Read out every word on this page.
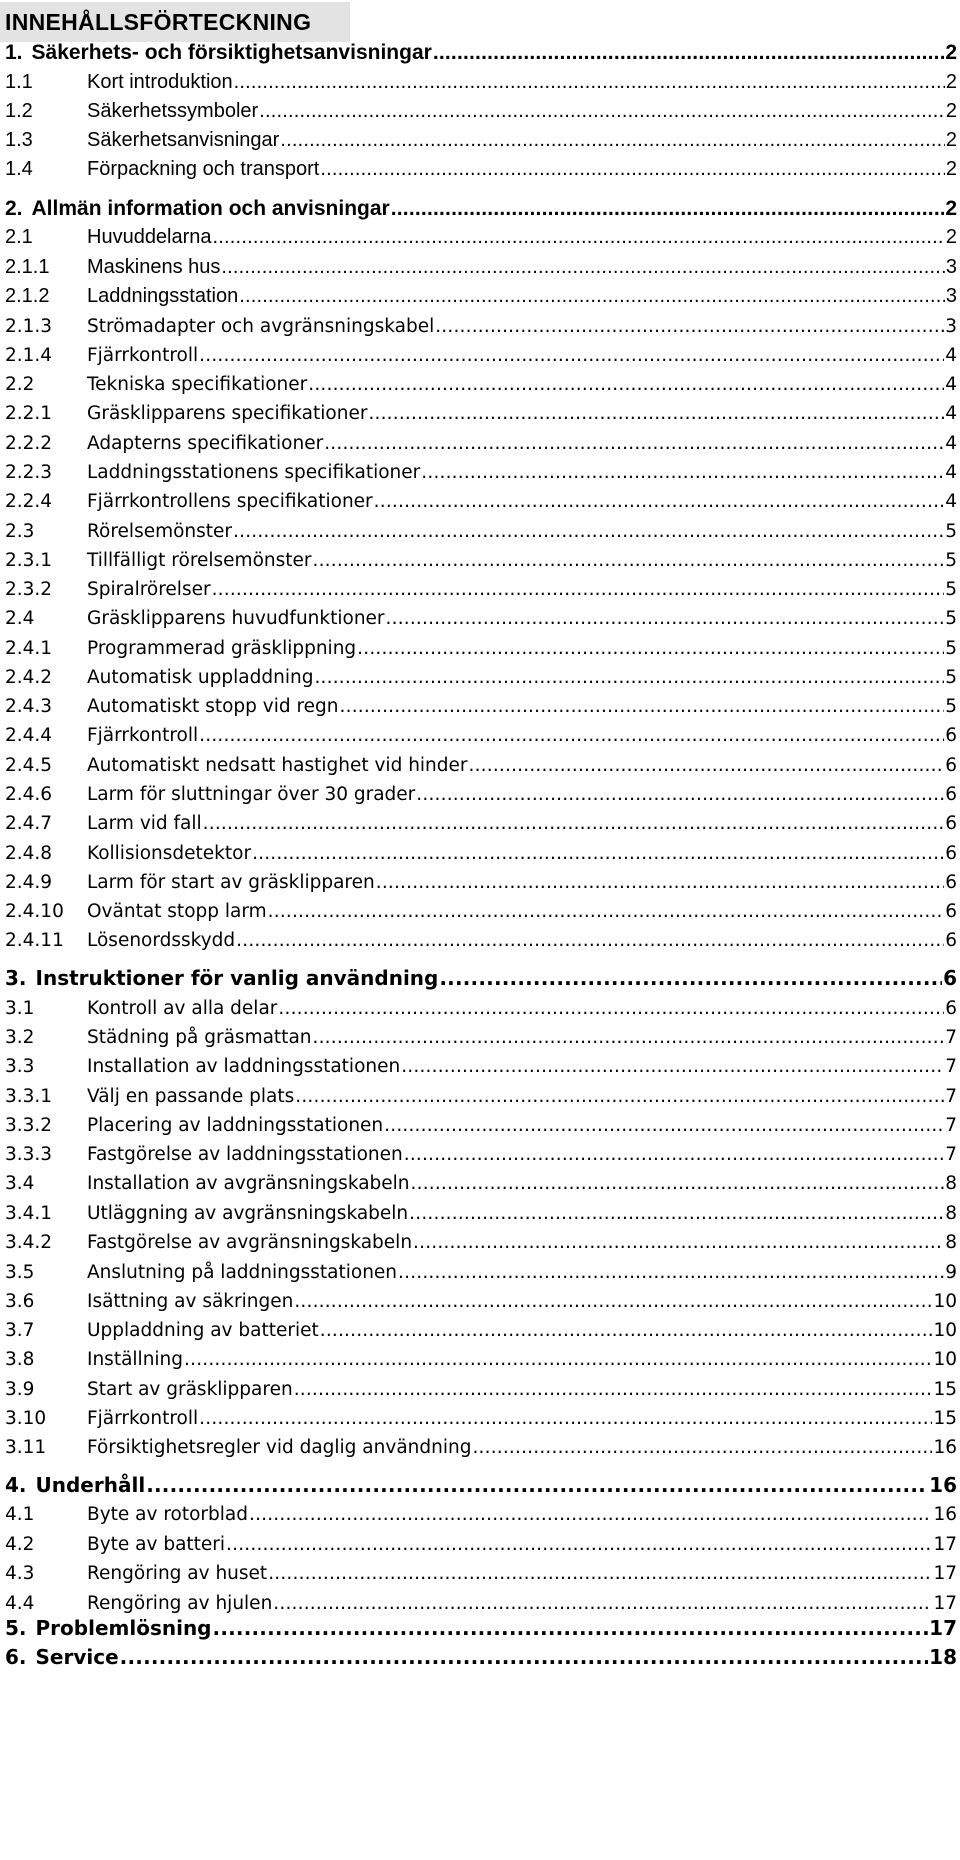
INNEHÅLLSFÖRTECKNING
1. Säkerhets- och försiktighetsanvisningar .....	2
1.1	Kort introduktion .....	2
1.2	Säkerhetssymboler .....	2
1.3	Säkerhetsanvisningar .....	2
1.4	Förpackning och transport .....	2
2. Allmän information och anvisningar .....	2
2.1	Huvuddelarna .....	2
2.1.1	Maskinens hus .....	3
2.1.2	Laddningsstation .....	3
2.1.3	Strömadapter och avgränsningskabel .....	3
2.1.4	Fjärrkontroll .....	4
2.2	Tekniska specifikationer .....	4
2.2.1	Gräsklipparens specifikationer .....	4
2.2.2	Adapterns specifikationer .....	4
2.2.3	Laddningsstationens specifikationer .....	4
2.2.4	Fjärrkontrollens specifikationer .....	4
2.3	Rörelsemönster .....	5
2.3.1	Tillfälligt rörelsemönster .....	5
2.3.2	Spiralrörelser .....	5
2.4	Gräsklipparens huvudfunktioner .....	5
2.4.1	Programmerad gräsklippning .....	5
2.4.2	Automatisk uppladdning .....	5
2.4.3	Automatiskt stopp vid regn .....	5
2.4.4	Fjärrkontroll .....	6
2.4.5	Automatiskt nedsatt hastighet vid hinder .....	6
2.4.6	Larm för sluttningar över 30 grader .....	6
2.4.7	Larm vid fall .....	6
2.4.8	Kollisionsdetektor .....	6
2.4.9	Larm för start av gräsklipparen .....	6
2.4.10	Oväntat stopp larm .....	6
2.4.11	Lösenordsskydd .....	6
3. Instruktioner för vanlig användning .....	6
3.1	Kontroll av alla delar .....	6
3.2	Städning på gräsmattan .....	7
3.3	Installation av laddningsstationen .....	7
3.3.1	Välj en passande plats .....	7
3.3.2	Placering av laddningsstationen .....	7
3.3.3	Fastgörelse av laddningsstationen .....	7
3.4	Installation av avgränsningskabeln .....	8
3.4.1	Utläggning av avgränsningskabeln .....	8
3.4.2	Fastgörelse av avgränsningskabeln .....	8
3.5	Anslutning på laddningsstationen .....	9
3.6	Isättning av säkringen .....	10
3.7	Uppladdning av batteriet .....	10
3.8	Inställning .....	10
3.9	Start av gräsklipparen .....	15
3.10	Fjärrkontroll .....	15
3.11	Försiktighetsregler vid daglig användning .....	16
4. Underhåll .....	16
4.1	Byte av rotorblad .....	16
4.2	Byte av batteri .....	17
4.3	Rengöring av huset .....	17
4.4	Rengöring av hjulen .....	17
5. Problemlösning .....	17
6. Service .....	18
